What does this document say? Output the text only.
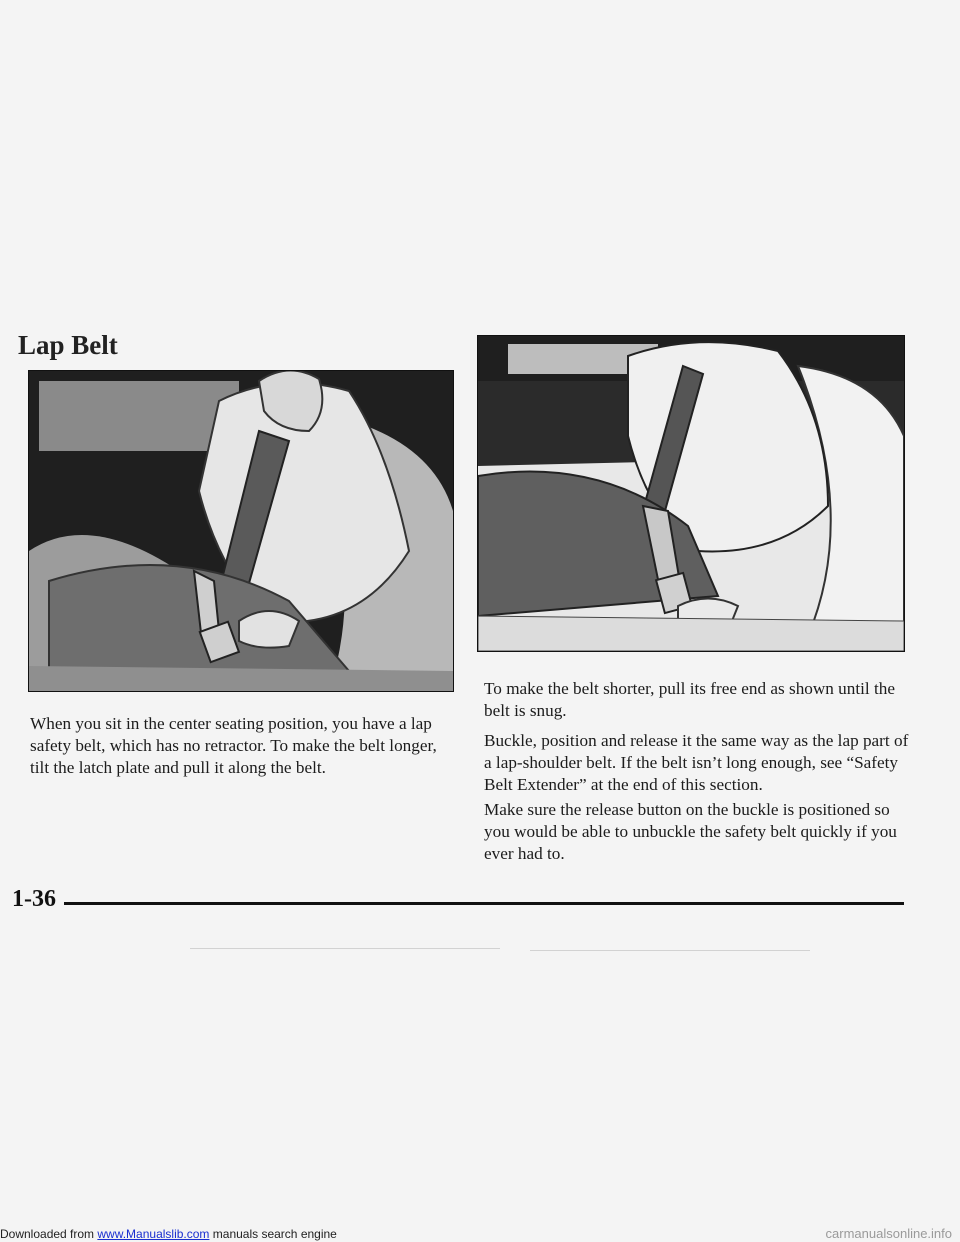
Lap Belt

When you sit in the center seating position, you have a lap safety belt, which has no retractor. To make the belt longer, tilt the latch plate and pull it along the belt.

To make the belt shorter, pull its free end as shown until the belt is snug.

Buckle, position and release it the same way as the lap part of a lap-shoulder belt. If the belt isn’t long enough, see “Safety Belt Extender” at the end of this section.

Make sure the release button on the buckle is positioned so you would be able to unbuckle the safety belt quickly if you ever had to.

1-36
Downloaded from www.Manualslib.com manuals search engine	carmanualsonline.info
